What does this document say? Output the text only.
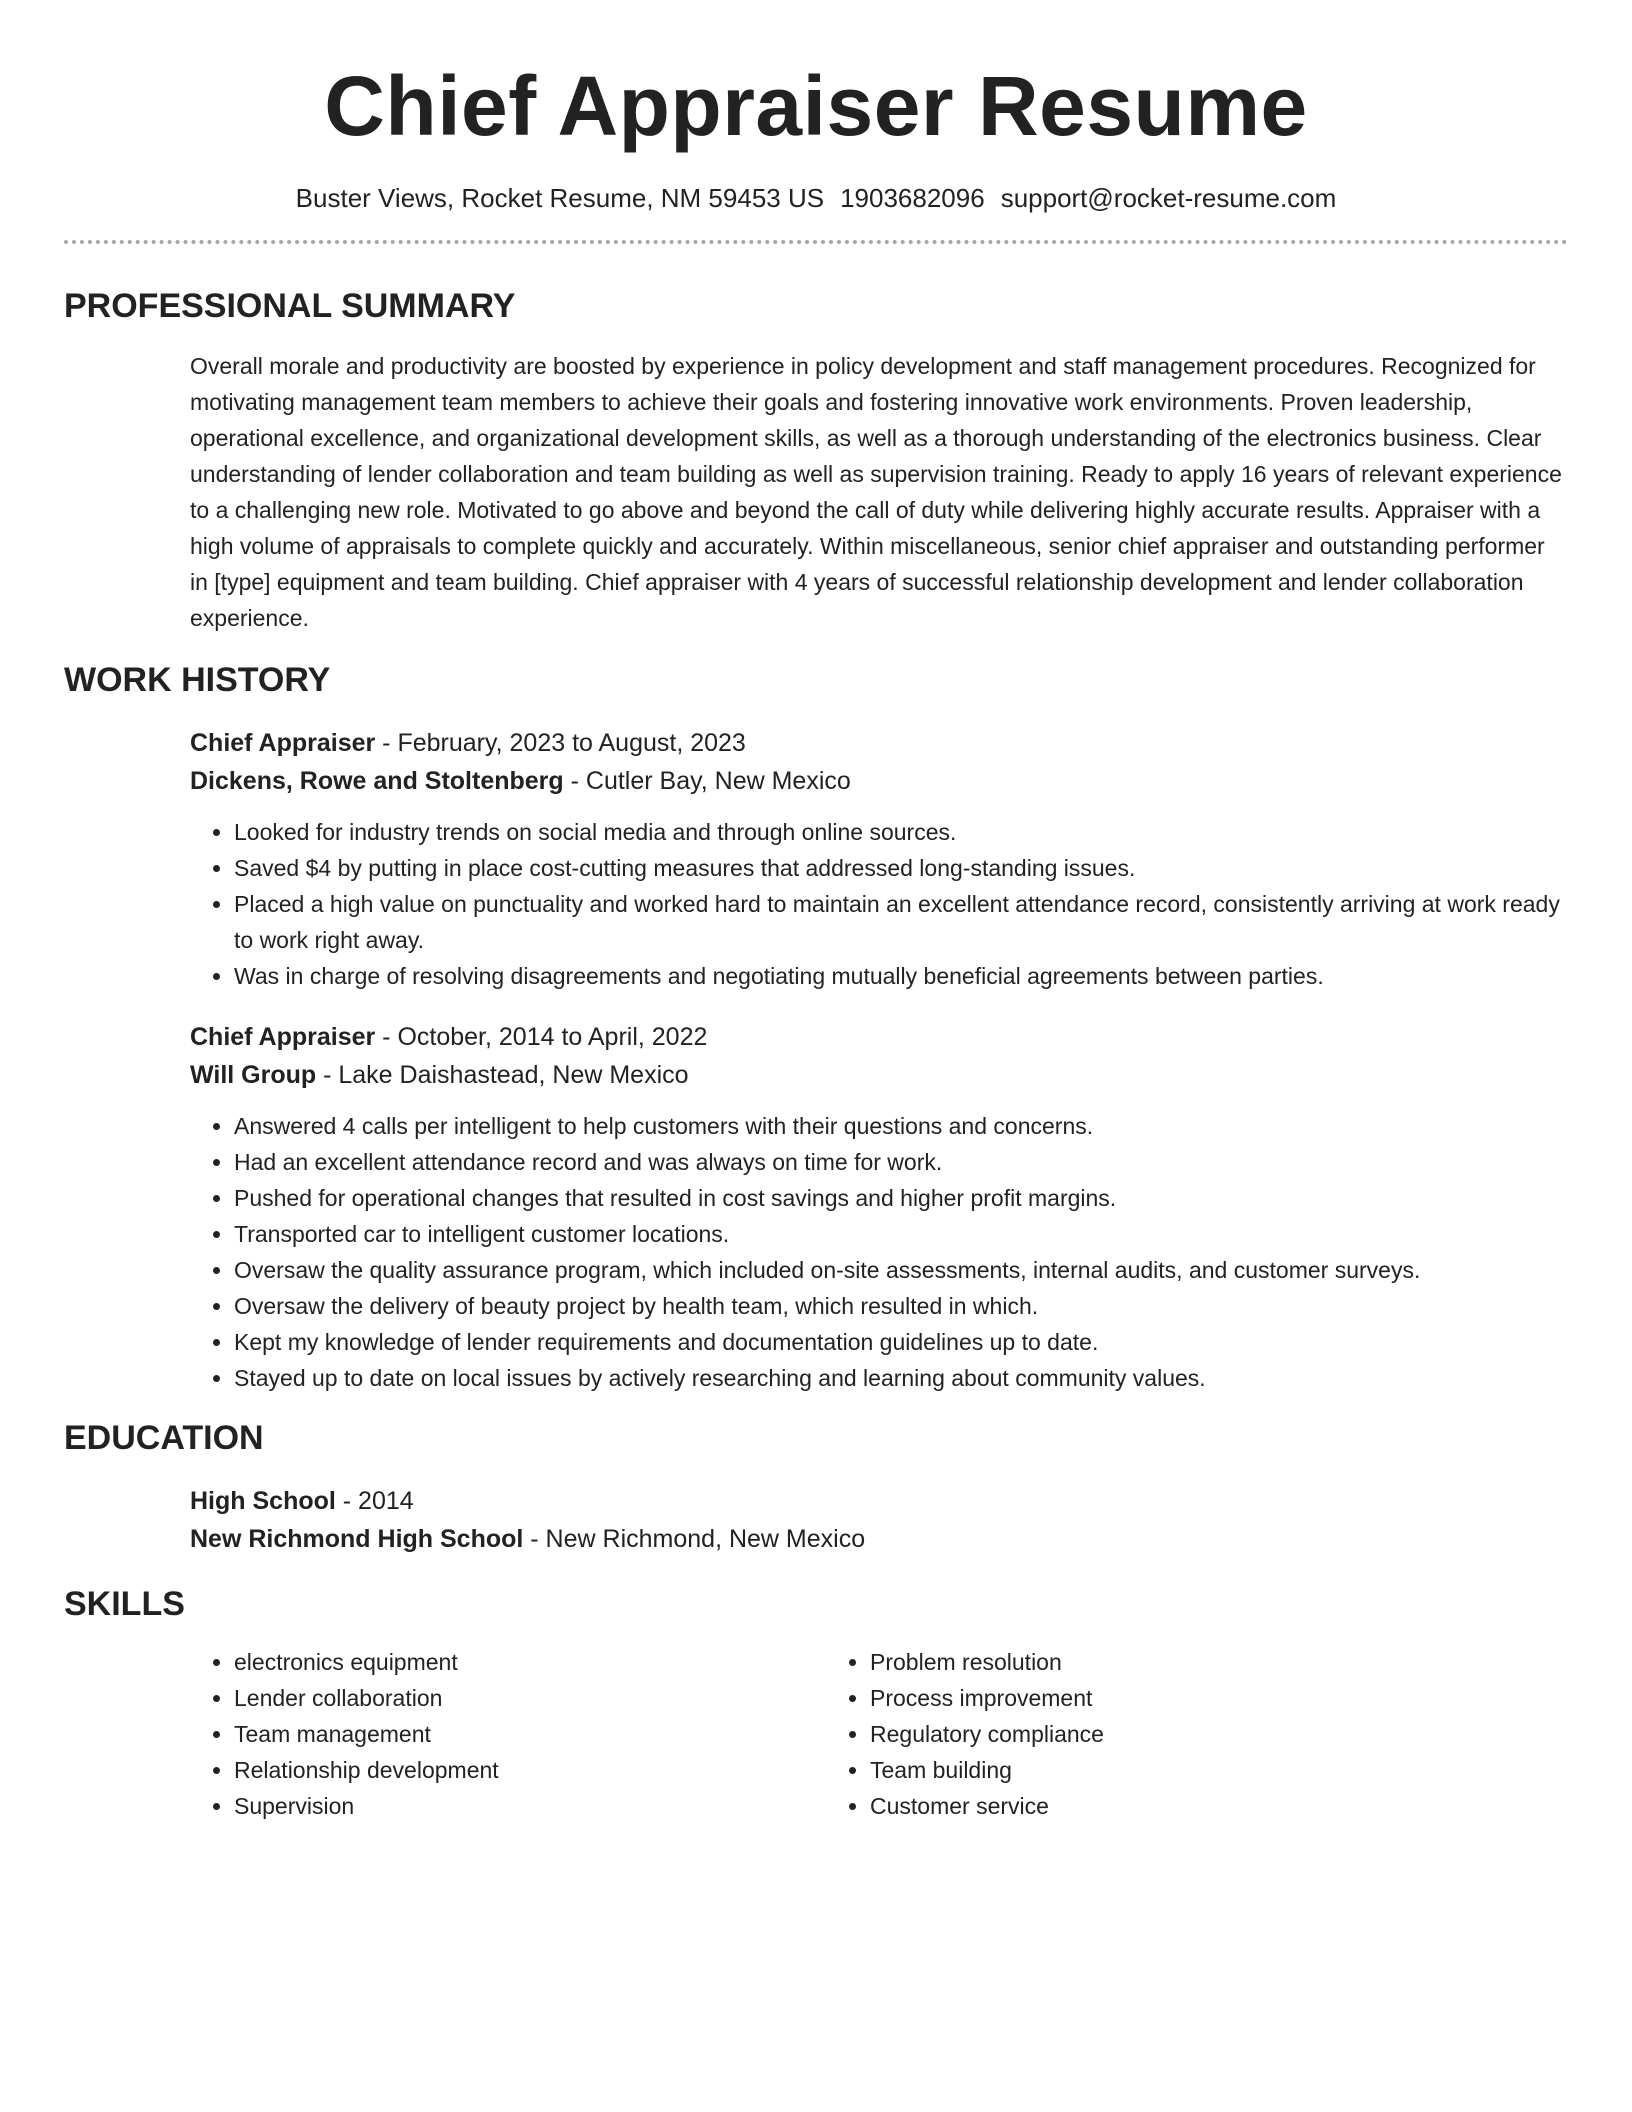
Chief Appraiser Resume
Buster Views, Rocket Resume, NM 59453 US 1903682096 support@rocket-resume.com
PROFESSIONAL SUMMARY
Overall morale and productivity are boosted by experience in policy development and staff management procedures. Recognized for motivating management team members to achieve their goals and fostering innovative work environments. Proven leadership, operational excellence, and organizational development skills, as well as a thorough understanding of the electronics business. Clear understanding of lender collaboration and team building as well as supervision training. Ready to apply 16 years of relevant experience to a challenging new role. Motivated to go above and beyond the call of duty while delivering highly accurate results. Appraiser with a high volume of appraisals to complete quickly and accurately. Within miscellaneous, senior chief appraiser and outstanding performer in [type] equipment and team building. Chief appraiser with 4 years of successful relationship development and lender collaboration experience.
WORK HISTORY
Chief Appraiser - February, 2023 to August, 2023
Dickens, Rowe and Stoltenberg - Cutler Bay, New Mexico
• Looked for industry trends on social media and through online sources.
• Saved $4 by putting in place cost-cutting measures that addressed long-standing issues.
• Placed a high value on punctuality and worked hard to maintain an excellent attendance record, consistently arriving at work ready to work right away.
• Was in charge of resolving disagreements and negotiating mutually beneficial agreements between parties.
Chief Appraiser - October, 2014 to April, 2022
Will Group - Lake Daishastead, New Mexico
• Answered 4 calls per intelligent to help customers with their questions and concerns.
• Had an excellent attendance record and was always on time for work.
• Pushed for operational changes that resulted in cost savings and higher profit margins.
• Transported car to intelligent customer locations.
• Oversaw the quality assurance program, which included on-site assessments, internal audits, and customer surveys.
• Oversaw the delivery of beauty project by health team, which resulted in which.
• Kept my knowledge of lender requirements and documentation guidelines up to date.
• Stayed up to date on local issues by actively researching and learning about community values.
EDUCATION
High School - 2014
New Richmond High School - New Richmond, New Mexico
SKILLS
• electronics equipment
• Lender collaboration
• Team management
• Relationship development
• Supervision
• Problem resolution
• Process improvement
• Regulatory compliance
• Team building
• Customer service
